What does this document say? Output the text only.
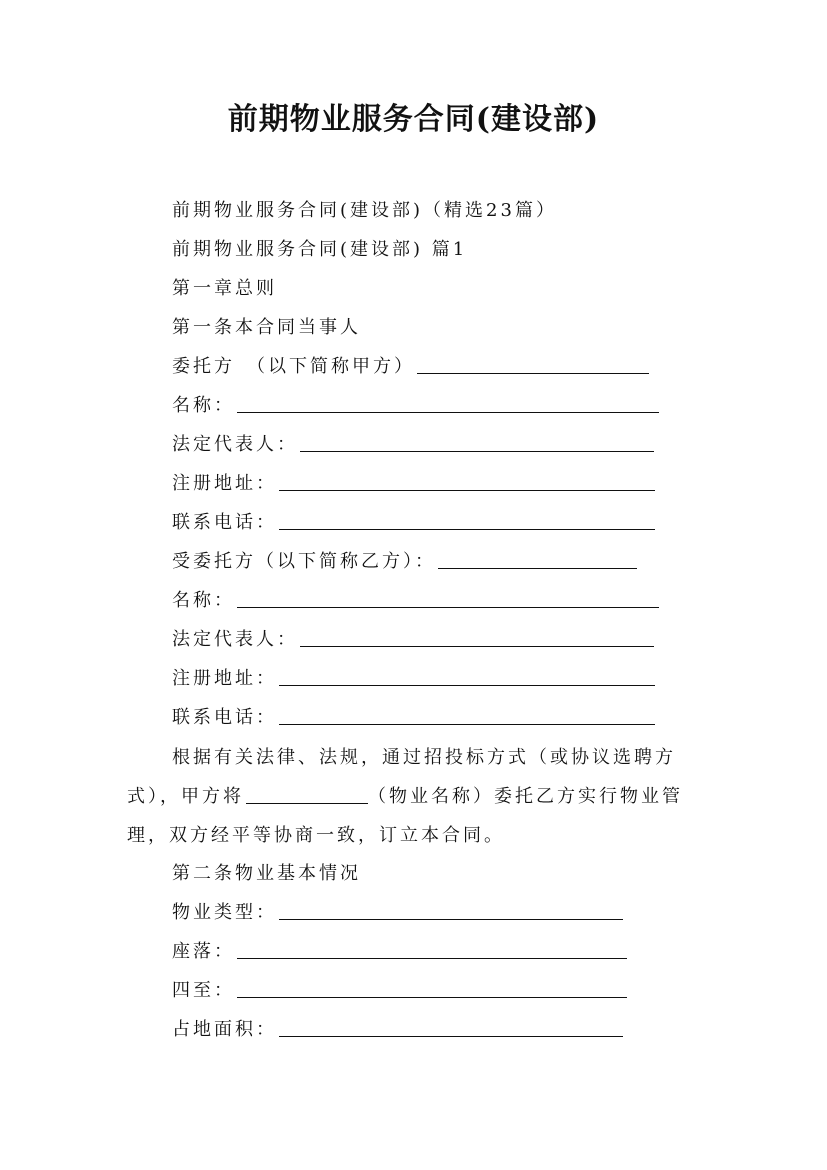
前期物业服务合同(建设部)
前期物业服务合同(建设部)（精选23篇）
前期物业服务合同(建设部) 篇1
第一章总则
第一条本合同当事人
委托方　（以下简称甲方）
名称：
法定代表人：
注册地址：
联系电话：
受委托方（以下简称乙方）：
名称：
法定代表人：
注册地址：
联系电话：
根据有关法律、法规，通过招投标方式（或协议选聘方式），甲方将	（物业名称）委托乙方实行物业管理，双方经平等协商一致，订立本合同。
第二条物业基本情况
物业类型：
座落：
四至：
占地面积：
